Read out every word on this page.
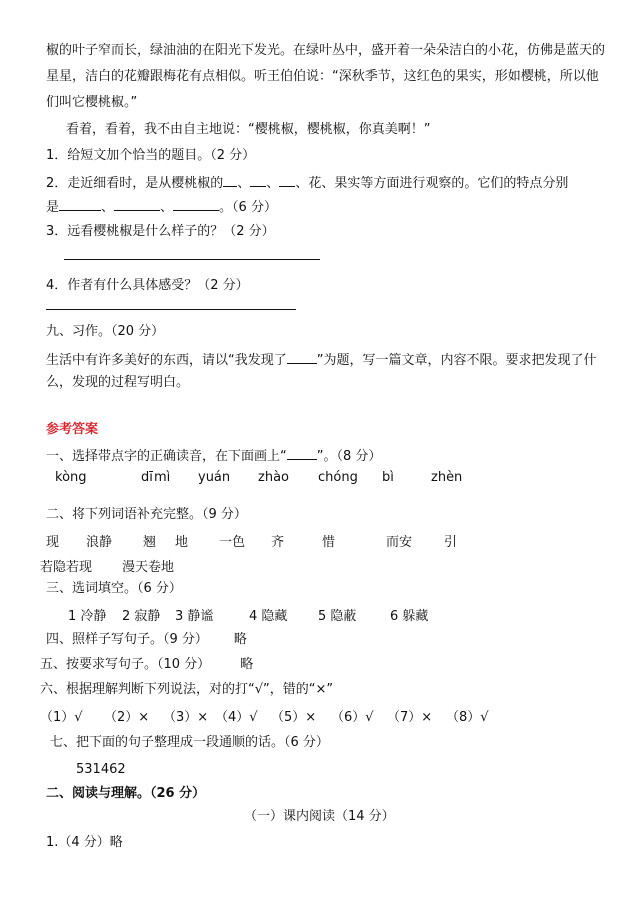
椒的叶子窄而长，绿油油的在阳光下发光。在绿叶丛中，盛开着一朵朵洁白的小花，仿佛是蓝天的
星星，洁白的花瓣跟梅花有点相似。听王伯伯说：“深秋季节，这红色的果实，形如樱桃，所以他
们叫它樱桃椒。”
看着，看着，我不由自主地说：“樱桃椒，樱桃椒，你真美啊！”
1．给短文加个恰当的题目。（2 分）
2．走近细看时，是从樱桃椒的 、 、 、花、果实等方面进行观察的。它们的特点分别
是	、	、	。（6 分）
3．远看樱桃椒是什么样子的？（2 分）
4．作者有什么具体感受？（2 分）
九、习作。（20 分）
生活中有许多美好的东西，请以“我发现了 ”为题，写一篇文章，内容不限。要求把发现了什
么，发现的过程写明白。
参考答案
一、选择带点字的正确读音，在下面画上“ ”。（8 分）
kòng	dī mì yuán zhào chóng bì	zhèn
二、将下列词语补充完整。（9 分）
现 浪静 翘 地 一色 齐	惜	而安 引
若隐若现 漫天卷地
三、选词填空。（6 分）
1 冷静 2 寂静 3 静谧	4 隐藏 5 隐蔽	6 躲藏
四、照样子写句子。（9 分） 略
五、按要求写句子。（10 分） 略
六、根据理解判断下列说法，对的打“√”，错的“×”
（1）√ （2）× （3）× （4）√ （5）× （6）√ （7）× （8）√
七、把下面的句子整理成一段通顺的话。（6 分）
531462
二、阅读与理解。（26 分）
（一）课内阅读（14 分）
1.（4 分）略
